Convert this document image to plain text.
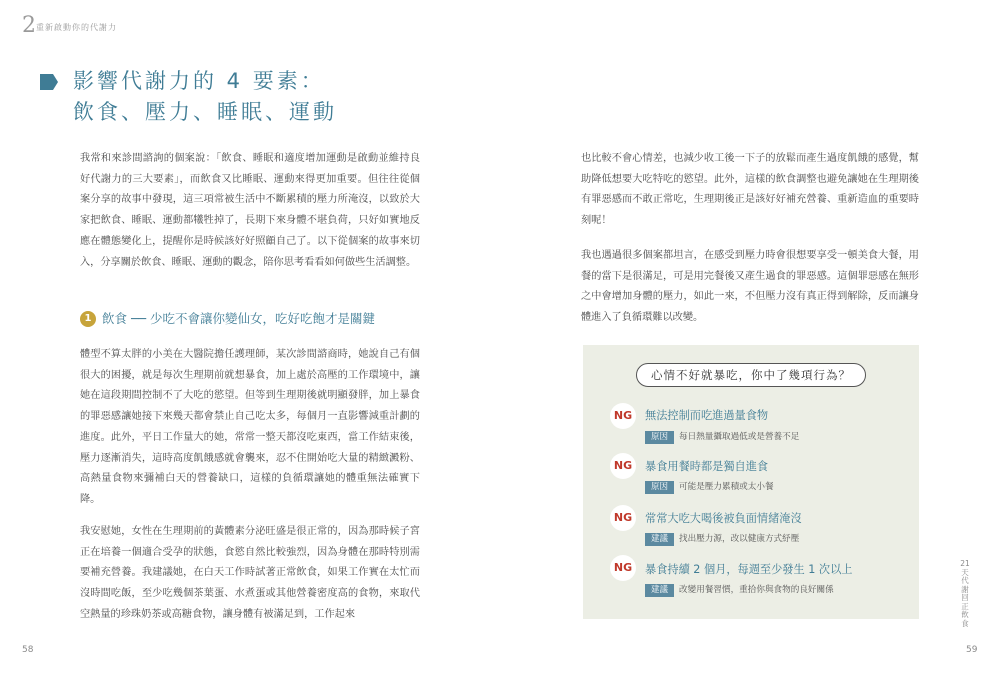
2 重新啟動你的代謝力
影響代謝力的 4 要素：
飲食、壓力、睡眠、運動
我常和來診間諮詢的個案說：「飲食、睡眠和適度增加運動是啟動並維持良好代謝力的三大要素」，而飲食又比睡眠、運動來得更加重要。但往往從個案分享的故事中發現，這三項常被生活中不斷累積的壓力所淹沒，以致於大家把飲食、睡眠、運動都犧牲掉了，長期下來身體不堪負荷，只好如實地反應在體態變化上，提醒你是時候該好好照顧自己了。以下從個案的故事來切入，分享關於飲食、睡眠、運動的觀念，陪你思考看看如何做些生活調整。
1 飲食 ── 少吃不會讓你變仙女，吃好吃飽才是關鍵
體型不算太胖的小美在大醫院擔任護理師，某次診間諮商時，她說自己有個很大的困擾，就是每次生理期前就想暴食，加上處於高壓的工作環境中，讓她在這段期間控制不了大吃的慾望。但等到生理期後就明顯發胖，加上暴食的罪惡感讓她接下來幾天都會禁止自己吃太多，每個月一直影響減重計劃的進度。此外，平日工作量大的她，常常一整天都沒吃東西，當工作結束後，壓力逐漸消失，這時高度飢餓感就會襲來，忍不住開始吃大量的精緻澱粉、高熱量食物來彌補白天的營養缺口，這樣的負循環讓她的體重無法確實下降。
我安慰她，女性在生理期前的黃體素分泌旺盛是很正常的，因為那時候子宮正在培養一個適合受孕的狀態，食慾自然比較強烈，因為身體在那時特別需要補充營養。我建議她，在白天工作時試著正常飲食，如果工作實在太忙而沒時間吃飯，至少吃幾個茶葉蛋、水煮蛋或其他營養密度高的食物，來取代空熱量的珍珠奶茶或高糖食物，讓身體有被滿足到，工作起來
也比較不會心情差，也減少收工後一下子的放鬆而產生過度飢餓的感覺，幫助降低想要大吃特吃的慾望。此外，這樣的飲食調整也避免讓她在生理期後有罪惡感而不敢正常吃，生理期後正是該好好補充營養、重新造血的重要時刻呢！
我也遇過很多個案都坦言，在感受到壓力時會很想要享受一頓美食大餐，用餐的當下是很滿足，可是用完餐後又產生過食的罪惡感。這個罪惡感在無形之中會增加身體的壓力，如此一來，不但壓力沒有真正得到解除，反而讓身體進入了負循環難以改變。
心情不好就暴吃，你中了幾項行為？
NG	無法控制而吃進過量食物
原因	每日熱量攝取過低或是營養不足
NG	暴食用餐時都是獨自進食
原因	可能是壓力累積或太小餐
NG	常常大吃大喝後被負面情緒淹沒
建議	找出壓力源，改以健康方式紓壓
NG	暴食持續 2 個月，每週至少發生 1 次以上
建議	改變用餐習慣，重拾你與食物的良好關係
58	59
21天代謝回正飲食
